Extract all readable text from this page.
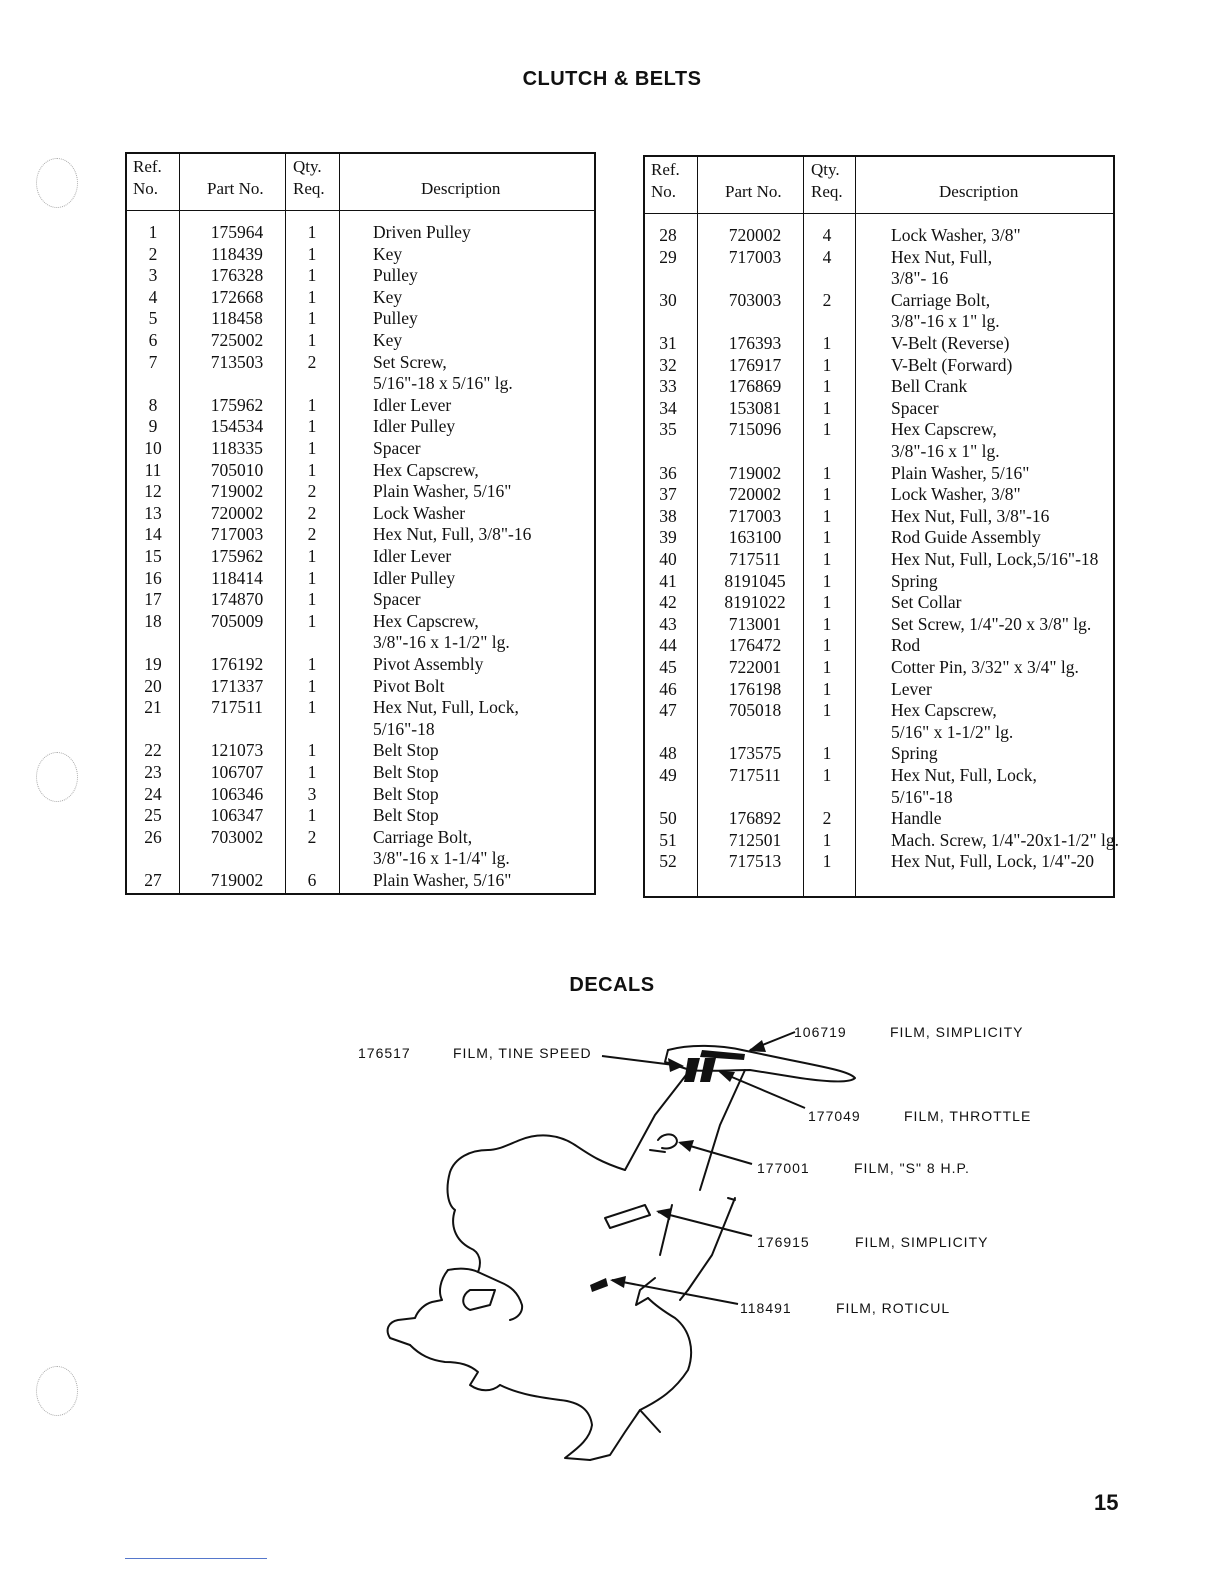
CLUTCH & BELTS
Ref.
No.	Part No.
Qty.
Req.	Description
1	175964	1	Driven Pulley
2	118439	1	Key
3	176328	1	Pulley
4	172668	1	Key
5	118458	1	Pulley
6	725002	1	Key
7	713503	2	Set Screw,
5/16"-18 x 5/16" lg.
8	175962	1	Idler Lever
9	154534	1	Idler Pulley
10	118335	1	Spacer
11	705010	1	Hex Capscrew,
12	719002	2	Plain Washer, 5/16"
13	720002	2	Lock Washer
14	717003	2	Hex Nut, Full, 3/8"-16
15	175962	1	Idler Lever
16	118414	1	Idler Pulley
17	174870	1	Spacer
18	705009	1	Hex Capscrew,
3/8"-16 x 1-1/2" lg.
19	176192	1	Pivot Assembly
20	171337	1	Pivot Bolt
21	717511	1	Hex Nut, Full, Lock,
5/16"-18
22	121073	1	Belt Stop
23	106707	1	Belt Stop
24	106346	3	Belt Stop
25	106347	1	Belt Stop
26	703002	2	Carriage Bolt,
3/8"-16 x 1-1/4" lg.
27	719002	6	Plain Washer, 5/16"
Ref.
No.	Part No.
Qty.
Req.	Description
28	720002	4	Lock Washer, 3/8"
29	717003	4	Hex Nut, Full,
3/8"- 16
30	703003	2	Carriage Bolt,
3/8"-16 x 1" lg.
31	176393	1	V-Belt (Reverse)
32	176917	1	V-Belt (Forward)
33	176869	1	Bell Crank
34	153081	1	Spacer
35	715096	1	Hex Capscrew,
3/8"-16 x 1" lg.
36	719002	1	Plain Washer, 5/16"
37	720002	1	Lock Washer, 3/8"
38	717003	1	Hex Nut, Full, 3/8"-16
39	163100	1	Rod Guide Assembly
40	717511	1	Hex Nut, Full, Lock,5/16"-18
41	8191045	1	Spring
42	8191022	1	Set Collar
43	713001	1	Set Screw, 1/4"-20 x 3/8" lg.
44	176472	1	Rod
45	722001	1	Cotter Pin, 3/32" x 3/4" lg.
46	176198	1	Lever
47	705018	1	Hex Capscrew,
5/16" x 1-1/2" lg.
48	173575	1	Spring
49	717511	1	Hex Nut, Full, Lock,
5/16"-18
50	176892	2	Handle
51	712501	1	Mach. Screw, 1/4"-20x1-1/2" lg.
52	717513	1	Hex Nut, Full, Lock, 1/4"-20
DECALS
176517	FILM, TINE SPEED
106719	FILM, SIMPLICITY
177049	FILM, THROTTLE
177001	FILM, "S" 8 H.P.
176915	FILM, SIMPLICITY
118491	FILM, ROTICUL
15
